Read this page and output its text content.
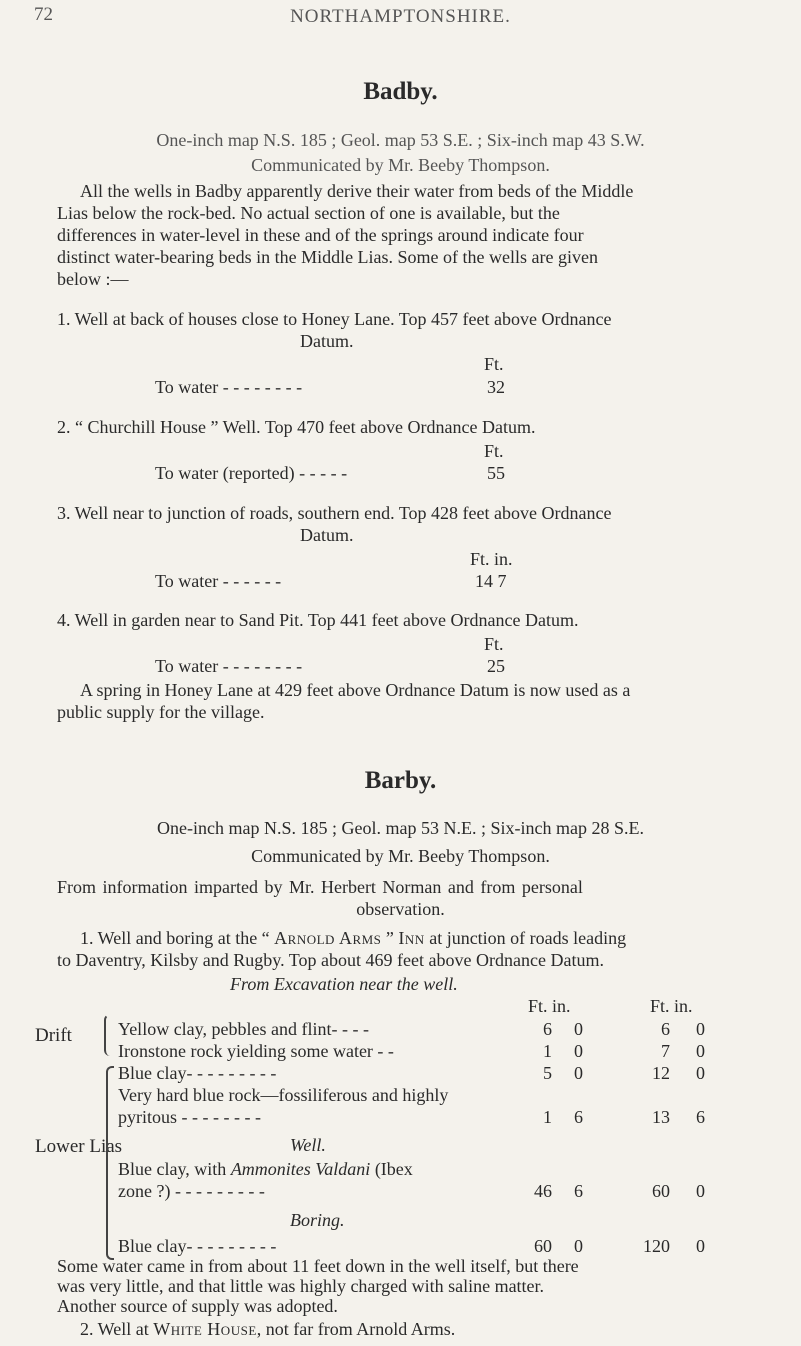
72	NORTHAMPTONSHIRE.
Badby.
One-inch map N.S. 185 ; Geol. map 53 S.E. ; Six-inch map 43 S.W.
Communicated by Mr. Beeby Thompson.
All the wells in Badby apparently derive their water from beds of the Middle
Lias below the rock-bed. No actual section of one is available, but the
differences in water-level in these and of the springs around indicate four
distinct water-bearing beds in the Middle Lias. Some of the wells are given
below :—
1. Well at back of houses close to Honey Lane. Top 457 feet above Ordnance
Datum.
Ft.
To water - - - - - - - -	32
2. “ Churchill House ” Well. Top 470 feet above Ordnance Datum.
Ft.
To water (reported) - - - - -	55
3. Well near to junction of roads, southern end. Top 428 feet above Ordnance
Datum.
Ft. in.
To water - - - - - -	14 7
4. Well in garden near to Sand Pit. Top 441 feet above Ordnance Datum.
Ft.
To water - - - - - - - -	25
A spring in Honey Lane at 429 feet above Ordnance Datum is now used as a
public supply for the village.
Barby.
One-inch map N.S. 185 ; Geol. map 53 N.E. ; Six-inch map 28 S.E.
Communicated by Mr. Beeby Thompson.
From information imparted by Mr. Herbert Norman and from personal
observation.
1. Well and boring at the “ Arnold Arms ” Inn at junction of roads leading
to Daventry, Kilsby and Rugby. Top about 469 feet above Ordnance Datum.
From Excavation near the well.
Ft. in.	Ft. in.
Drift
Lower Lias
Yellow clay, pebbles and flint- - - -	6	0	6	0
Ironstone rock yielding some water - -	1	0	7	0
Blue clay- - - - - - - - -	5	0	12	0
Very hard blue rock—fossiliferous and highly
pyritous - - - - - - - -	1	6	13	6
Well.
Blue clay, with Ammonites Valdani (Ibex
zone ?) - - - - - - - - -	46	6	60	0
Boring.
Blue clay- - - - - - - - -	60	0	120	0
Some water came in from about 11 feet down in the well itself, but there
was very little, and that little was highly charged with saline matter.
Another source of supply was adopted.
2. Well at White House, not far from Arnold Arms.
